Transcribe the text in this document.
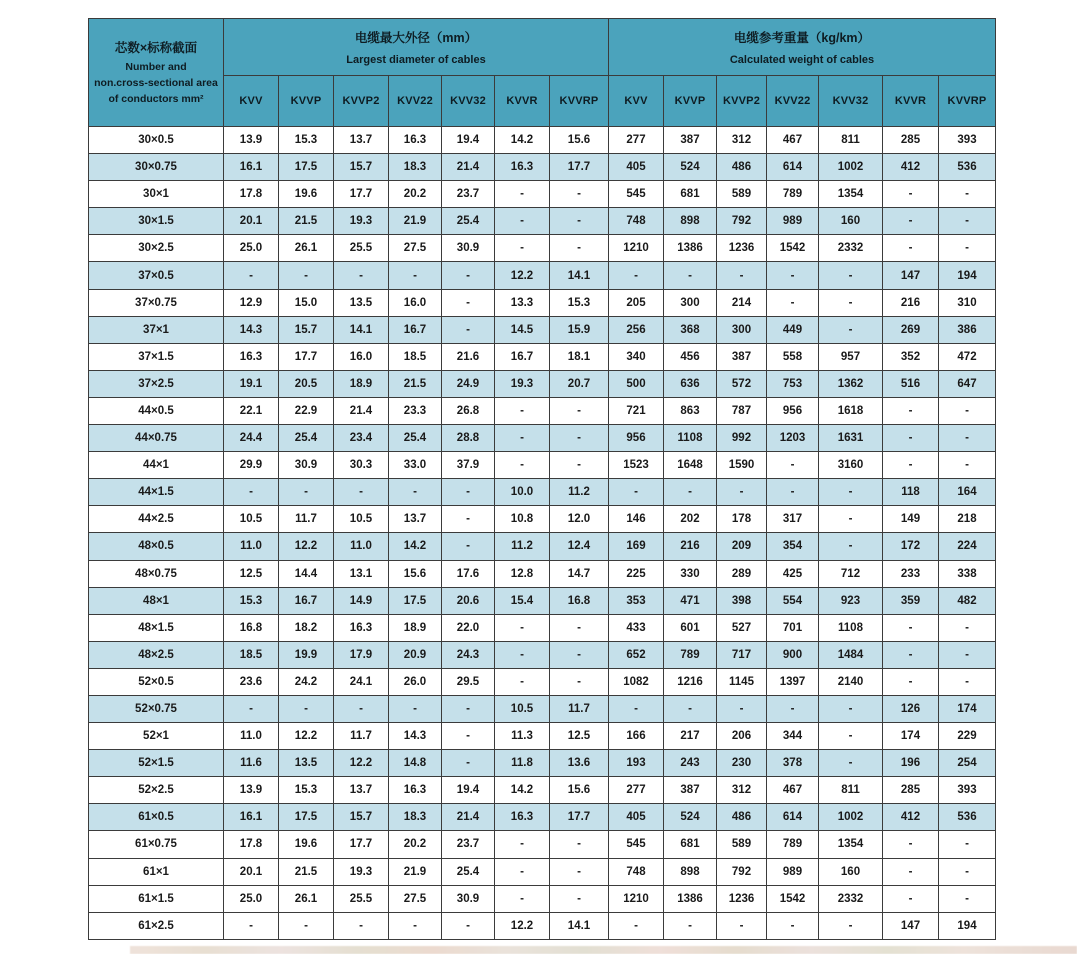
芯数×标称截面
Number and
non.cross-sectional area
of conductors mm²

电缆最大外径（mm）
Largest diameter of cables

电缆参考重量（kg/km）
Calculated weight of cables

	KVV	KVVP	KVVP2	KVV22	KVV32	KVVR	KVVRP	KVV	KVVP	KVVP2	KVV22	KVV32	KVVR	KVVRP
30×0.5	13.9	15.3	13.7	16.3	19.4	14.2	15.6	277	387	312	467	811	285	393
30×0.75	16.1	17.5	15.7	18.3	21.4	16.3	17.7	405	524	486	614	1002	412	536
30×1	17.8	19.6	17.7	20.2	23.7	-	-	545	681	589	789	1354	-	-
30×1.5	20.1	21.5	19.3	21.9	25.4	-	-	748	898	792	989	160	-	-
30×2.5	25.0	26.1	25.5	27.5	30.9	-	-	1210	1386	1236	1542	2332	-	-
37×0.5	-	-	-	-	-	12.2	14.1	-	-	-	-	-	147	194
37×0.75	12.9	15.0	13.5	16.0	-	13.3	15.3	205	300	214	-	-	216	310
37×1	14.3	15.7	14.1	16.7	-	14.5	15.9	256	368	300	449	-	269	386
37×1.5	16.3	17.7	16.0	18.5	21.6	16.7	18.1	340	456	387	558	957	352	472
37×2.5	19.1	20.5	18.9	21.5	24.9	19.3	20.7	500	636	572	753	1362	516	647
44×0.5	22.1	22.9	21.4	23.3	26.8	-	-	721	863	787	956	1618	-	-
44×0.75	24.4	25.4	23.4	25.4	28.8	-	-	956	1108	992	1203	1631	-	-
44×1	29.9	30.9	30.3	33.0	37.9	-	-	1523	1648	1590	-	3160	-	-
44×1.5	-	-	-	-	-	10.0	11.2	-	-	-	-	-	118	164
44×2.5	10.5	11.7	10.5	13.7	-	10.8	12.0	146	202	178	317	-	149	218
48×0.5	11.0	12.2	11.0	14.2	-	11.2	12.4	169	216	209	354	-	172	224
48×0.75	12.5	14.4	13.1	15.6	17.6	12.8	14.7	225	330	289	425	712	233	338
48×1	15.3	16.7	14.9	17.5	20.6	15.4	16.8	353	471	398	554	923	359	482
48×1.5	16.8	18.2	16.3	18.9	22.0	-	-	433	601	527	701	1108	-	-
48×2.5	18.5	19.9	17.9	20.9	24.3	-	-	652	789	717	900	1484	-	-
52×0.5	23.6	24.2	24.1	26.0	29.5	-	-	1082	1216	1145	1397	2140	-	-
52×0.75	-	-	-	-	-	10.5	11.7	-	-	-	-	-	126	174
52×1	11.0	12.2	11.7	14.3	-	11.3	12.5	166	217	206	344	-	174	229
52×1.5	11.6	13.5	12.2	14.8	-	11.8	13.6	193	243	230	378	-	196	254
52×2.5	13.9	15.3	13.7	16.3	19.4	14.2	15.6	277	387	312	467	811	285	393
61×0.5	16.1	17.5	15.7	18.3	21.4	16.3	17.7	405	524	486	614	1002	412	536
61×0.75	17.8	19.6	17.7	20.2	23.7	-	-	545	681	589	789	1354	-	-
61×1	20.1	21.5	19.3	21.9	25.4	-	-	748	898	792	989	160	-	-
61×1.5	25.0	26.1	25.5	27.5	30.9	-	-	1210	1386	1236	1542	2332	-	-
61×2.5	-	-	-	-	-	12.2	14.1	-	-	-	-	-	147	194
